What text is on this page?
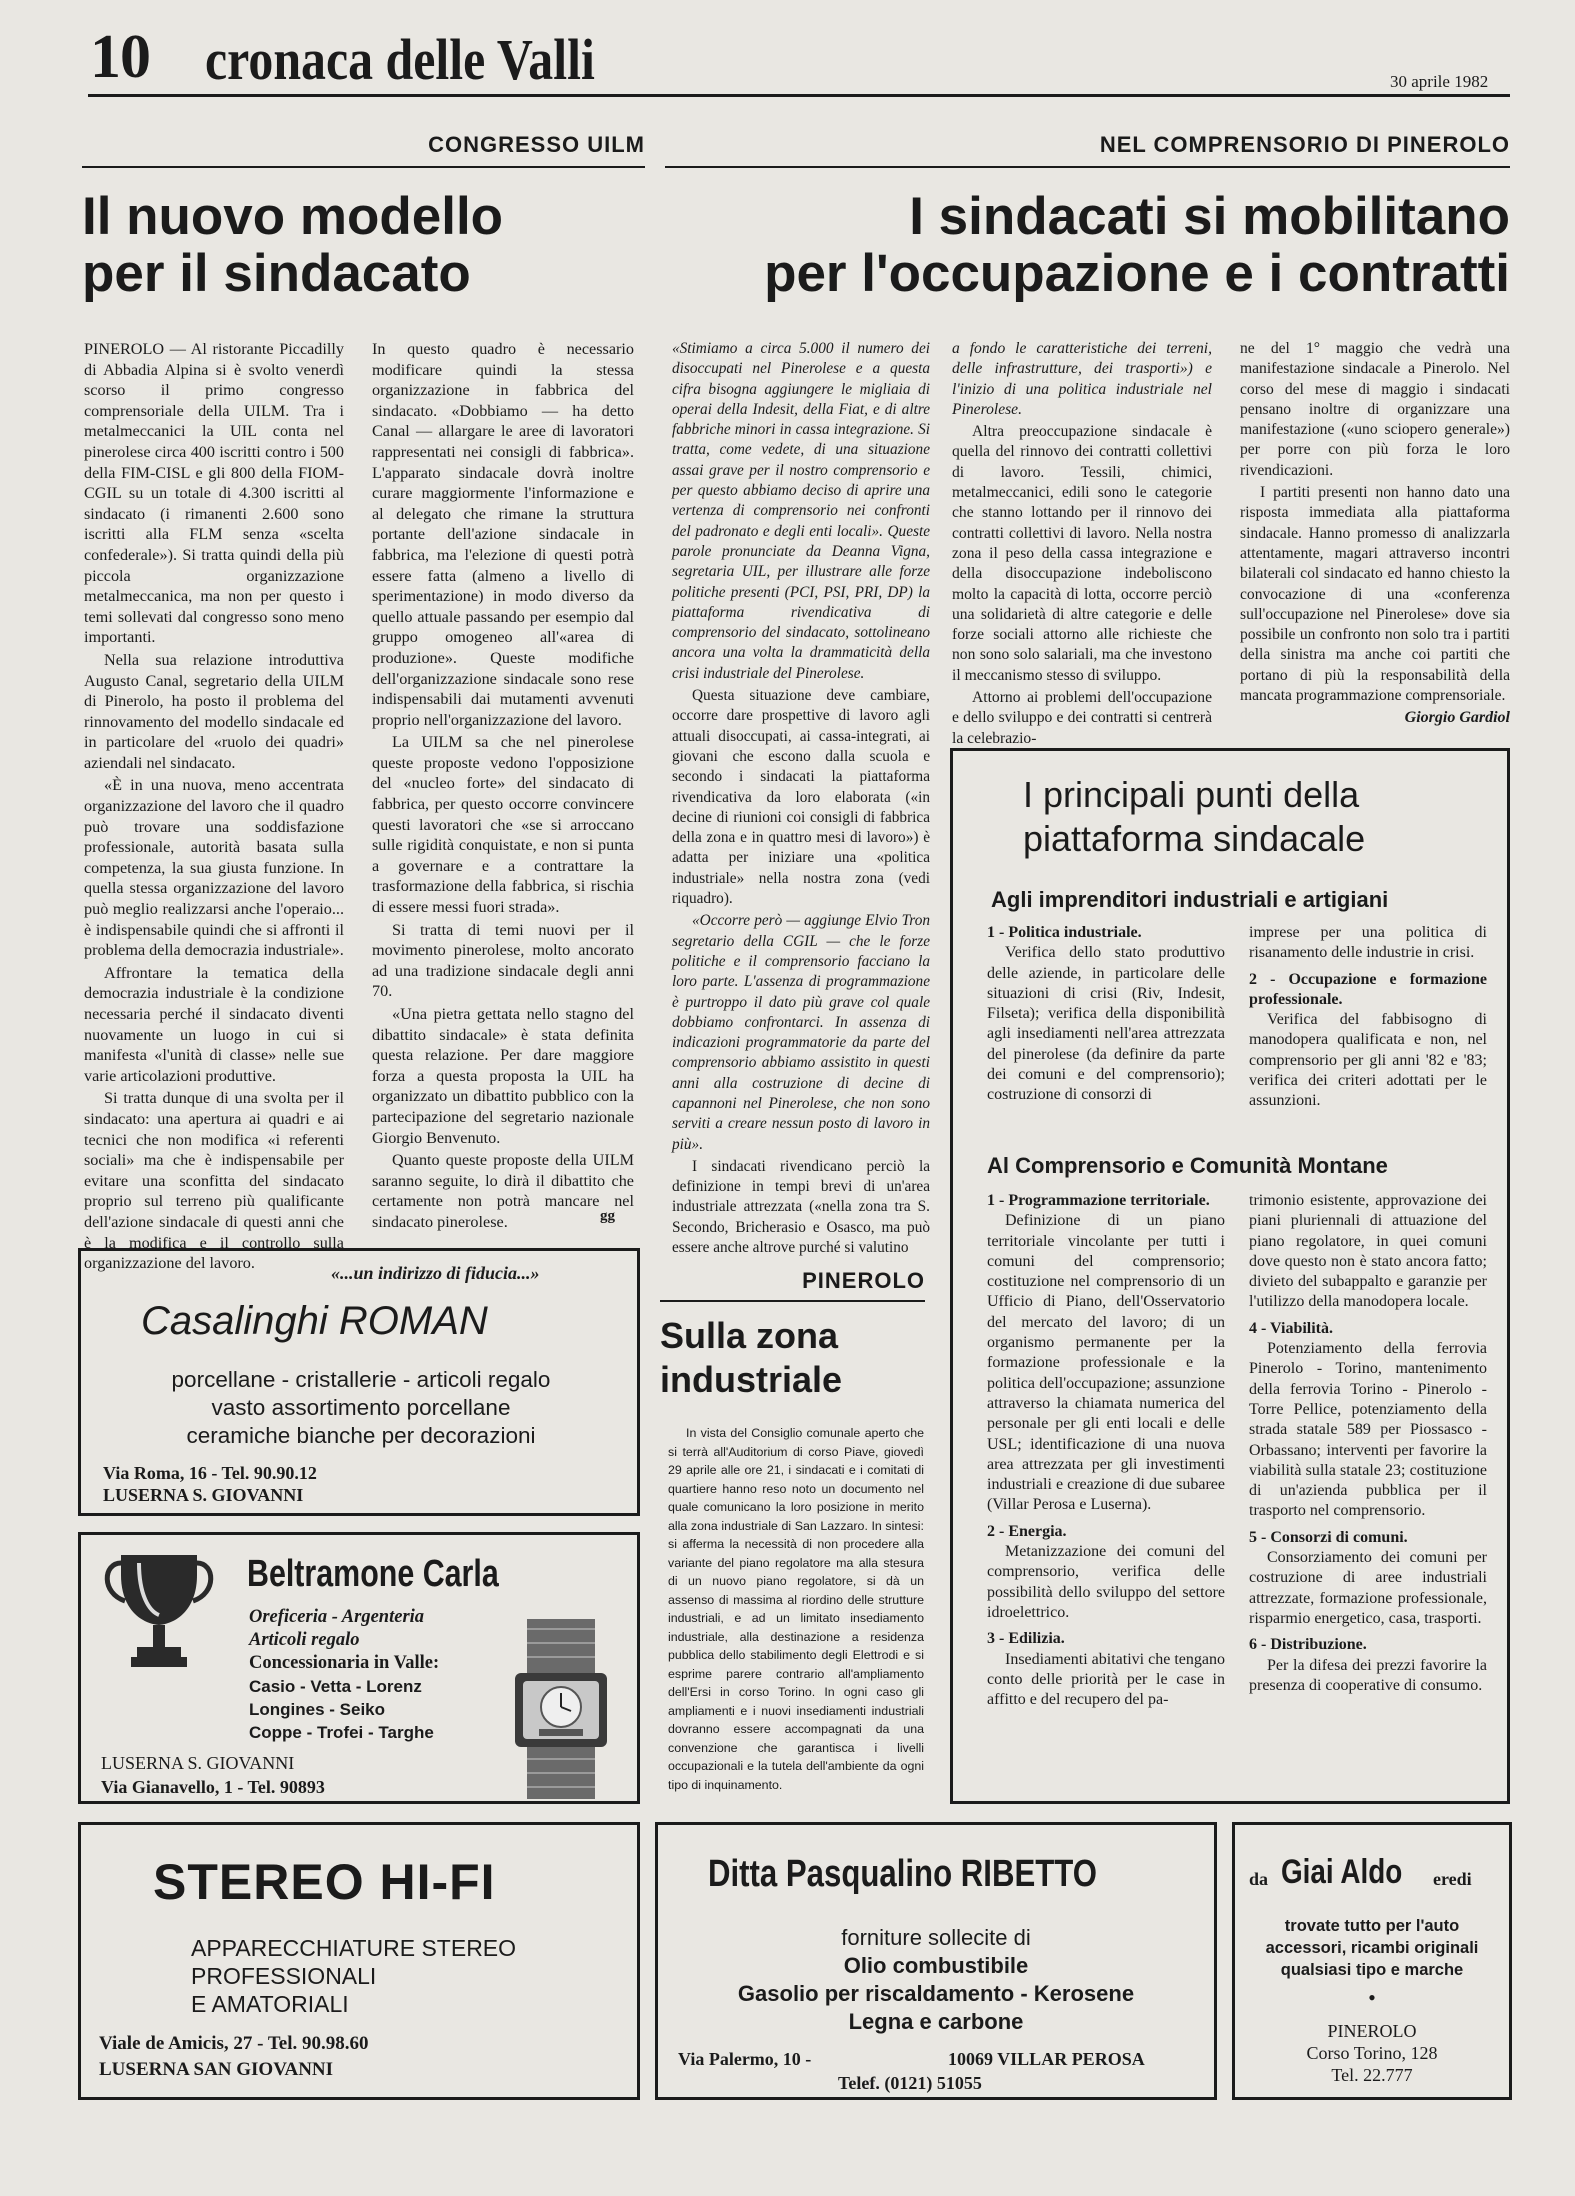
10 cronaca delle Valli	30 aprile 1982
CONGRESSO UILM
Il nuovo modello
per il sindacato

PINEROLO — Al ristorante Piccadilly di Abbadia Alpina si è svolto venerdì scorso il primo congresso comprensoriale della UILM. Tra i metalmeccanici la UIL conta nel pinerolese circa 400 iscritti contro i 500 della FIM-CISL e gli 800 della FIOM-CGIL su un totale di 4.300 iscritti al sindacato (i rimanenti 2.600 sono iscritti alla FLM senza «scelta confederale»). Si tratta quindi della più piccola organizzazione metalmeccanica, ma non per questo i temi sollevati dal congresso sono meno importanti.

Nella sua relazione introduttiva Augusto Canal, segretario della UILM di Pinerolo, ha posto il problema del rinnovamento del modello sindacale ed in particolare del «ruolo dei quadri» aziendali nel sindacato.

«È in una nuova, meno accentrata organizzazione del lavoro che il quadro può trovare una soddisfazione professionale, autorità basata sulla competenza, la sua giusta funzione. In quella stessa organizzazione del lavoro può meglio realizzarsi anche l'operaio... è indispensabile quindi che si affronti il problema della democrazia industriale».

Affrontare la tematica della democrazia industriale è la condizione necessaria perché il sindacato diventi nuovamente un luogo in cui si manifesta «l'unità di classe» nelle sue varie articolazioni produttive.

Si tratta dunque di una svolta per il sindacato: una apertura ai quadri e ai tecnici che non modifica «i referenti sociali» ma che è indispensabile per evitare una sconfitta del sindacato proprio sul terreno più qualificante dell'azione sindacale di questi anni che è la modifica e il controllo sulla organizzazione del lavoro.

In questo quadro è necessario modificare quindi la stessa organizzazione in fabbrica del sindacato. «Dobbiamo — ha detto Canal — allargare le aree di lavoratori rappresentati nei consigli di fabbrica». L'apparato sindacale dovrà inoltre curare maggiormente l'informazione e al delegato che rimane la struttura portante dell'azione sindacale in fabbrica, ma l'elezione di questi potrà essere fatta (almeno a livello di sperimentazione) in modo diverso da quello attuale passando per esempio dal gruppo omogeneo all'«area di produzione». Queste modifiche dell'organizzazione sindacale sono rese indispensabili dai mutamenti avvenuti proprio nell'organizzazione del lavoro.

La UILM sa che nel pinerolese queste proposte vedono l'opposizione del «nucleo forte» del sindacato di fabbrica, per questo occorre convincere questi lavoratori che «se si arroccano sulle rigidità conquistate, e non si punta a governare e a contrattare la trasformazione della fabbrica, si rischia di essere messi fuori strada».

Si tratta di temi nuovi per il movimento pinerolese, molto ancorato ad una tradizione sindacale degli anni 70.

«Una pietra gettata nello stagno del dibattito sindacale» è stata definita questa relazione. Per dare maggiore forza a questa proposta la UIL ha organizzato un dibattito pubblico con la partecipazione del segretario nazionale Giorgio Benvenuto.

Quanto queste proposte della UILM saranno seguite, lo dirà il dibattito che certamente non potrà mancare nel sindacato pinerolese.	gg
NEL COMPRENSORIO DI PINEROLO
I sindacati si mobilitano
per l'occupazione e i contratti

«Stimiamo a circa 5.000 il numero dei disoccupati nel Pinerolese e a questa cifra bisogna aggiungere le migliaia di operai della Indesit, della Fiat, e di altre fabbriche minori in cassa integrazione. Si tratta, come vedete, di una situazione assai grave per il nostro comprensorio e per questo abbiamo deciso di aprire una vertenza di comprensorio nei confronti del padronato e degli enti locali». Queste parole pronunciate da Deanna Vigna, segretaria UIL, per illustrare alle forze politiche presenti (PCI, PSI, PRI, DP) la piattaforma rivendicativa di comprensorio del sindacato, sottolineano ancora una volta la drammaticità della crisi industriale del Pinerolese.

Questa situazione deve cambiare, occorre dare prospettive di lavoro agli attuali disoccupati, ai cassa-integrati, ai giovani che escono dalla scuola e secondo i sindacati la piattaforma rivendicativa da loro elaborata («in decine di riunioni coi consigli di fabbrica della zona e in quattro mesi di lavoro») è adatta per iniziare una «politica industriale» nella nostra zona (vedi riquadro).

«Occorre però — aggiunge Elvio Tron segretario della CGIL — che le forze politiche e il comprensorio facciano la loro parte. L'assenza di programmazione è purtroppo il dato più grave col quale dobbiamo confrontarci. In assenza di indicazioni programmatorie da parte del comprensorio abbiamo assistito in questi anni alla costruzione di decine di capannoni nel Pinerolese, che non sono serviti a creare nessun posto di lavoro in più».

I sindacati rivendicano perciò la definizione in tempi brevi di un'area industriale attrezzata («nella zona tra S. Secondo, Bricherasio e Osasco, ma può essere anche altrove purché si valutino

a fondo le caratteristiche dei terreni, delle infrastrutture, dei trasporti») e l'inizio di una politica industriale nel Pinerolese.

Altra preoccupazione sindacale è quella del rinnovo dei contratti collettivi di lavoro. Tessili, chimici, metalmeccanici, edili sono le categorie che stanno lottando per il rinnovo dei contratti collettivi di lavoro. Nella nostra zona il peso della cassa integrazione e della disoccupazione indeboliscono molto la capacità di lotta, occorre perciò una solidarietà di altre categorie e delle forze sociali attorno alle richieste che non sono solo salariali, ma che investono il meccanismo stesso di sviluppo.

Attorno ai problemi dell'occupazione e dello sviluppo e dei contratti si centrerà la celebrazio-

ne del 1° maggio che vedrà una manifestazione sindacale a Pinerolo. Nel corso del mese di maggio i sindacati pensano inoltre di organizzare una manifestazione («uno sciopero generale») per porre con più forza le loro rivendicazioni.

I partiti presenti non hanno dato una risposta immediata alla piattaforma sindacale. Hanno promesso di analizzarla attentamente, magari attraverso incontri bilaterali col sindacato ed hanno chiesto la convocazione di una «conferenza sull'occupazione nel Pinerolese» dove sia possibile un confronto non solo tra i partiti della sinistra ma anche coi partiti che portano di più la responsabilità della mancata programmazione comprensoriale.

Giorgio Gardiol
I principali punti della
piattaforma sindacale
Agli imprenditori industriali e artigiani
1 - Politica industriale.

Verifica dello stato produttivo delle aziende, in particolare delle situazioni di crisi (Riv, Indesit, Filseta); verifica della disponibilità agli insediamenti nell'area attrezzata del pinerolese (da definire da parte dei comuni e del comprensorio); costruzione di consorzi di

imprese per una politica di risanamento delle industrie in crisi.

2 - Occupazione e formazione professionale.

Verifica del fabbisogno di manodopera qualificata e non, nel comprensorio per gli anni '82 e '83; verifica dei criteri adottati per le assunzioni.

Al Comprensorio e Comunità Montane
1 - Programmazione territoriale.

Definizione di un piano territoriale vincolante per tutti i comuni del comprensorio; costituzione nel comprensorio di un Ufficio di Piano, dell'Osservatorio del mercato del lavoro; di un organismo permanente per la formazione professionale e la politica dell'occupazione; assunzione attraverso la chiamata numerica del personale per gli enti locali e delle USL; identificazione di una nuova area attrezzata per gli investimenti industriali e creazione di due subaree (Villar Perosa e Luserna).

2 - Energia.

Metanizzazione dei comuni del comprensorio, verifica delle possibilità dello sviluppo del settore idroelettrico.

3 - Edilizia.

Insediamenti abitativi che tengano conto delle priorità per le case in affitto e del recupero del pa-

trimonio esistente, approvazione dei piani pluriennali di attuazione del piano regolatore, in quei comuni dove questo non è stato ancora fatto; divieto del subappalto e garanzie per l'utilizzo della manodopera locale.

4 - Viabilità.

Potenziamento della ferrovia Pinerolo - Torino, mantenimento della ferrovia Torino - Pinerolo - Torre Pellice, potenziamento della strada statale 589 per Piossasco - Orbassano; interventi per favorire la viabilità sulla statale 23; costituzione di un'azienda pubblica per il trasporto nel comprensorio.

5 - Consorzi di comuni.

Consorziamento dei comuni per costruzione di aree industriali attrezzate, formazione professionale, risparmio energetico, casa, trasporti.

6 - Distribuzione.

Per la difesa dei prezzi favorire la presenza di cooperative di consumo.

PINEROLO
Sulla zona
industriale
In vista del Consiglio comunale aperto che si terrà all'Auditorium di corso Piave, giovedì 29 aprile alle ore 21, i sindacati e i comitati di quartiere hanno reso noto un documento nel quale comunicano la loro posizione in merito alla zona industriale di San Lazzaro. In sintesi: si afferma la necessità di non procedere alla variante del piano regolatore ma alla stesura di un nuovo piano regolatore, si dà un assenso di massima al riordino delle strutture industriali, e ad un limitato insediamento industriale, alla destinazione a residenza pubblica dello stabilimento degli Elettrodi e si esprime parere contrario all'ampliamento dell'Ersi in corso Torino. In ogni caso gli ampliamenti e i nuovi insediamenti industriali dovranno essere accompagnati da una convenzione che garantisca i livelli occupazionali e la tutela dell'ambiente da ogni tipo di inquinamento.
«...un indirizzo di fiducia...»
Casalinghi ROMAN
porcellane - cristallerie - articoli regalo
vasto assortimento porcellane
ceramiche bianche per decorazioni
Via Roma, 16 - Tel. 90.90.12
LUSERNA S. GIOVANNI
Beltramone Carla
Oreficeria - Argenteria
Articoli regalo
Concessionaria in Valle:
Casio - Vetta - Lorenz
Longines - Seiko
Coppe - Trofei - Targhe
LUSERNA S. GIOVANNI
Via Gianavello, 1 - Tel. 90893
STEREO HI-FI
APPARECCHIATURE STEREO
PROFESSIONALI
E AMATORIALI
Viale de Amicis, 27 - Tel. 90.98.60
LUSERNA SAN GIOVANNI
Ditta Pasqualino RIBETTO
forniture sollecite di
Olio combustibile
Gasolio per riscaldamento - Kerosene
Legna e carbone
Via Palermo, 10 -	10069 VILLAR PEROSA
Telef. (0121) 51055
da Giai Aldo eredi
trovate tutto per l'auto
accessori, ricambi originali
qualsiasi tipo e marche
•
PINEROLO
Corso Torino, 128
Tel. 22.777
